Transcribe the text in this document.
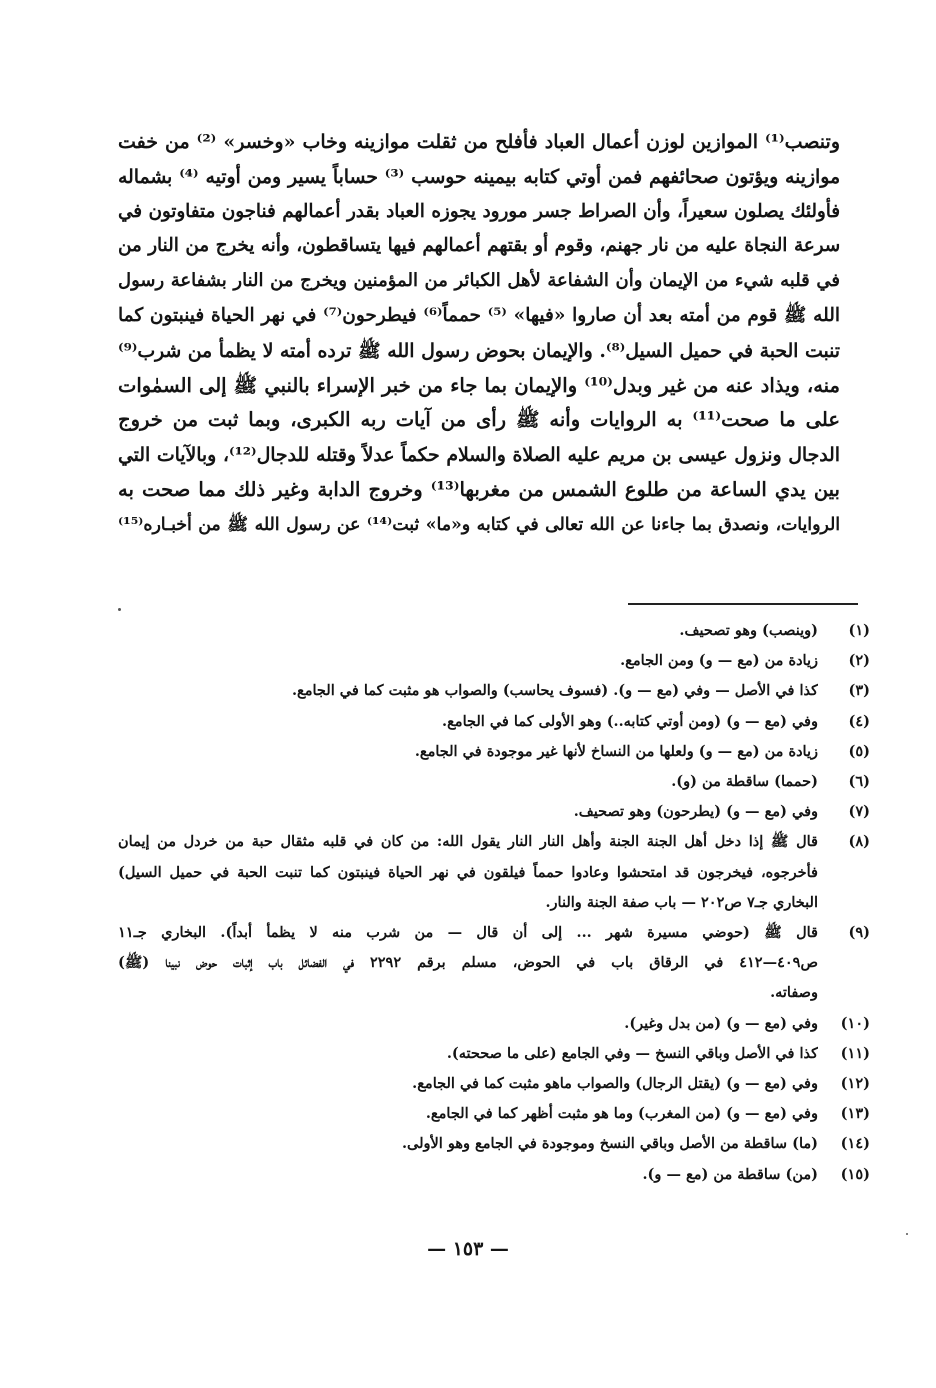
وتنصب⁽¹⁾ الموازين لوزن أعمال العباد فأفلح من ثقلت موازينه وخاب «وخسر» ⁽²⁾ من خفت
موازينه ويؤتون صحائفهم فمن أوتي كتابه بيمينه حوسب ⁽³⁾ حساباً يسير ومن أوتيه ⁽⁴⁾ بشماله
فأولئك يصلون سعيراً، وأن الصراط جسر مورود يجوزه العباد بقدر أعمالهم فناجون متفاوتون في
سرعة النجاة عليه من نار جهنم، وقوم أو بقتهم أعمالهم فيها يتساقطون، وأنه يخرج من النار من
في قلبه شيء من الإيمان وأن الشفاعة لأهل الكبائر من المؤمنين ويخرج من النار بشفاعة رسول
الله ﷺ قوم من أمته بعد أن صاروا «فيها» ⁽⁵⁾ حمماً⁽⁶⁾ فيطرحون⁽⁷⁾ في نهر الحياة فينبتون كما
تنبت الحبة في حميل السيل⁽⁸⁾. والإيمان بحوض رسول الله ﷺ ترده أمته لا يظمأ من شرب⁽⁹⁾
منه، ويذاد عنه من غير وبدل⁽¹⁰⁾ والإيمان بما جاء من خبر الإسراء بالنبي ﷺ إلى السمٰوات
على ما صحت⁽¹¹⁾ به الروايات وأنه ﷺ رأى من آيات ربه الكبرى، وبما ثبت من خروج
الدجال ونزول عيسى بن مريم عليه الصلاة والسلام حكماً عدلاً وقتله للدجال⁽¹²⁾، وبالآيات التي
بين يدي الساعة من طلوع الشمس من مغربها⁽¹³⁾ وخروج الدابة وغير ذلك مما صحت به
الروايات، ونصدق بما جاءنا عن الله تعالى في كتابه و«ما» ثبت⁽¹⁴⁾ عن رسول الله ﷺ من أخبـاره⁽¹⁵⁾
(١)
(وينصب) وهو تصحيف.
(٢)
زيادة من (مع — و) ومن الجامع.
(٣)
كذا في الأصل — وفي (مع — و). (فسوف يحاسب) والصواب هو مثبت كما في الجامع.
(٤)
وفي (مع — و) (ومن أوتي كتابه..) وهو الأولى كما في الجامع.
(٥)
زيادة من (مع — و) ولعلها من النساخ لأنها غير موجودة في الجامع.
(٦)
(حمما) ساقطة من (و).
(٧)
وفي (مع — و) (يطرحون) وهو تصحيف.
(٨)
قال ﷺ إذا دخل أهل الجنة الجنة وأهل النار النار يقول الله: من كان في قلبه مثقال حبة من خردل من إيمان
فأخرجوه، فيخرجون قد امتحشوا وعادوا حمماً فيلقون في نهر الحياة فينبتون كما تنبت الحبة في حميل السيل)
البخاري جـ٧ ص٢٠٢ — باب صفة الجنة والنار.
(٩)
قال ﷺ (حوضي مسيرة شهر ... إلى أن قال — من شرب منه لا يظمأ أبداً). البخاري جـ١١
ص٤٠٩—٤١٢ في الرقاق باب في الحوض، مسلم برقم ٢٢٩٢ في الفضائل باب إثبات حوض نبينا (ﷺ)
وصفاته.
(١٠)
وفي (مع — و) (من بدل وغير).
(١١)
كذا في الأصل وباقي النسخ — وفي الجامع (على ما صححته).
(١٢)
وفي (مع — و) (يقتل الرجال) والصواب ماهو مثبت كما في الجامع.
(١٣)
وفي (مع — و) (من المغرب) وما هو مثبت أظهر كما في الجامع.
(١٤)
(ما) ساقطة من الأصل وباقي النسخ وموجودة في الجامع وهو الأولى.
(١٥)
(من) ساقطة من (مع — و).
— ١٥٣ —
